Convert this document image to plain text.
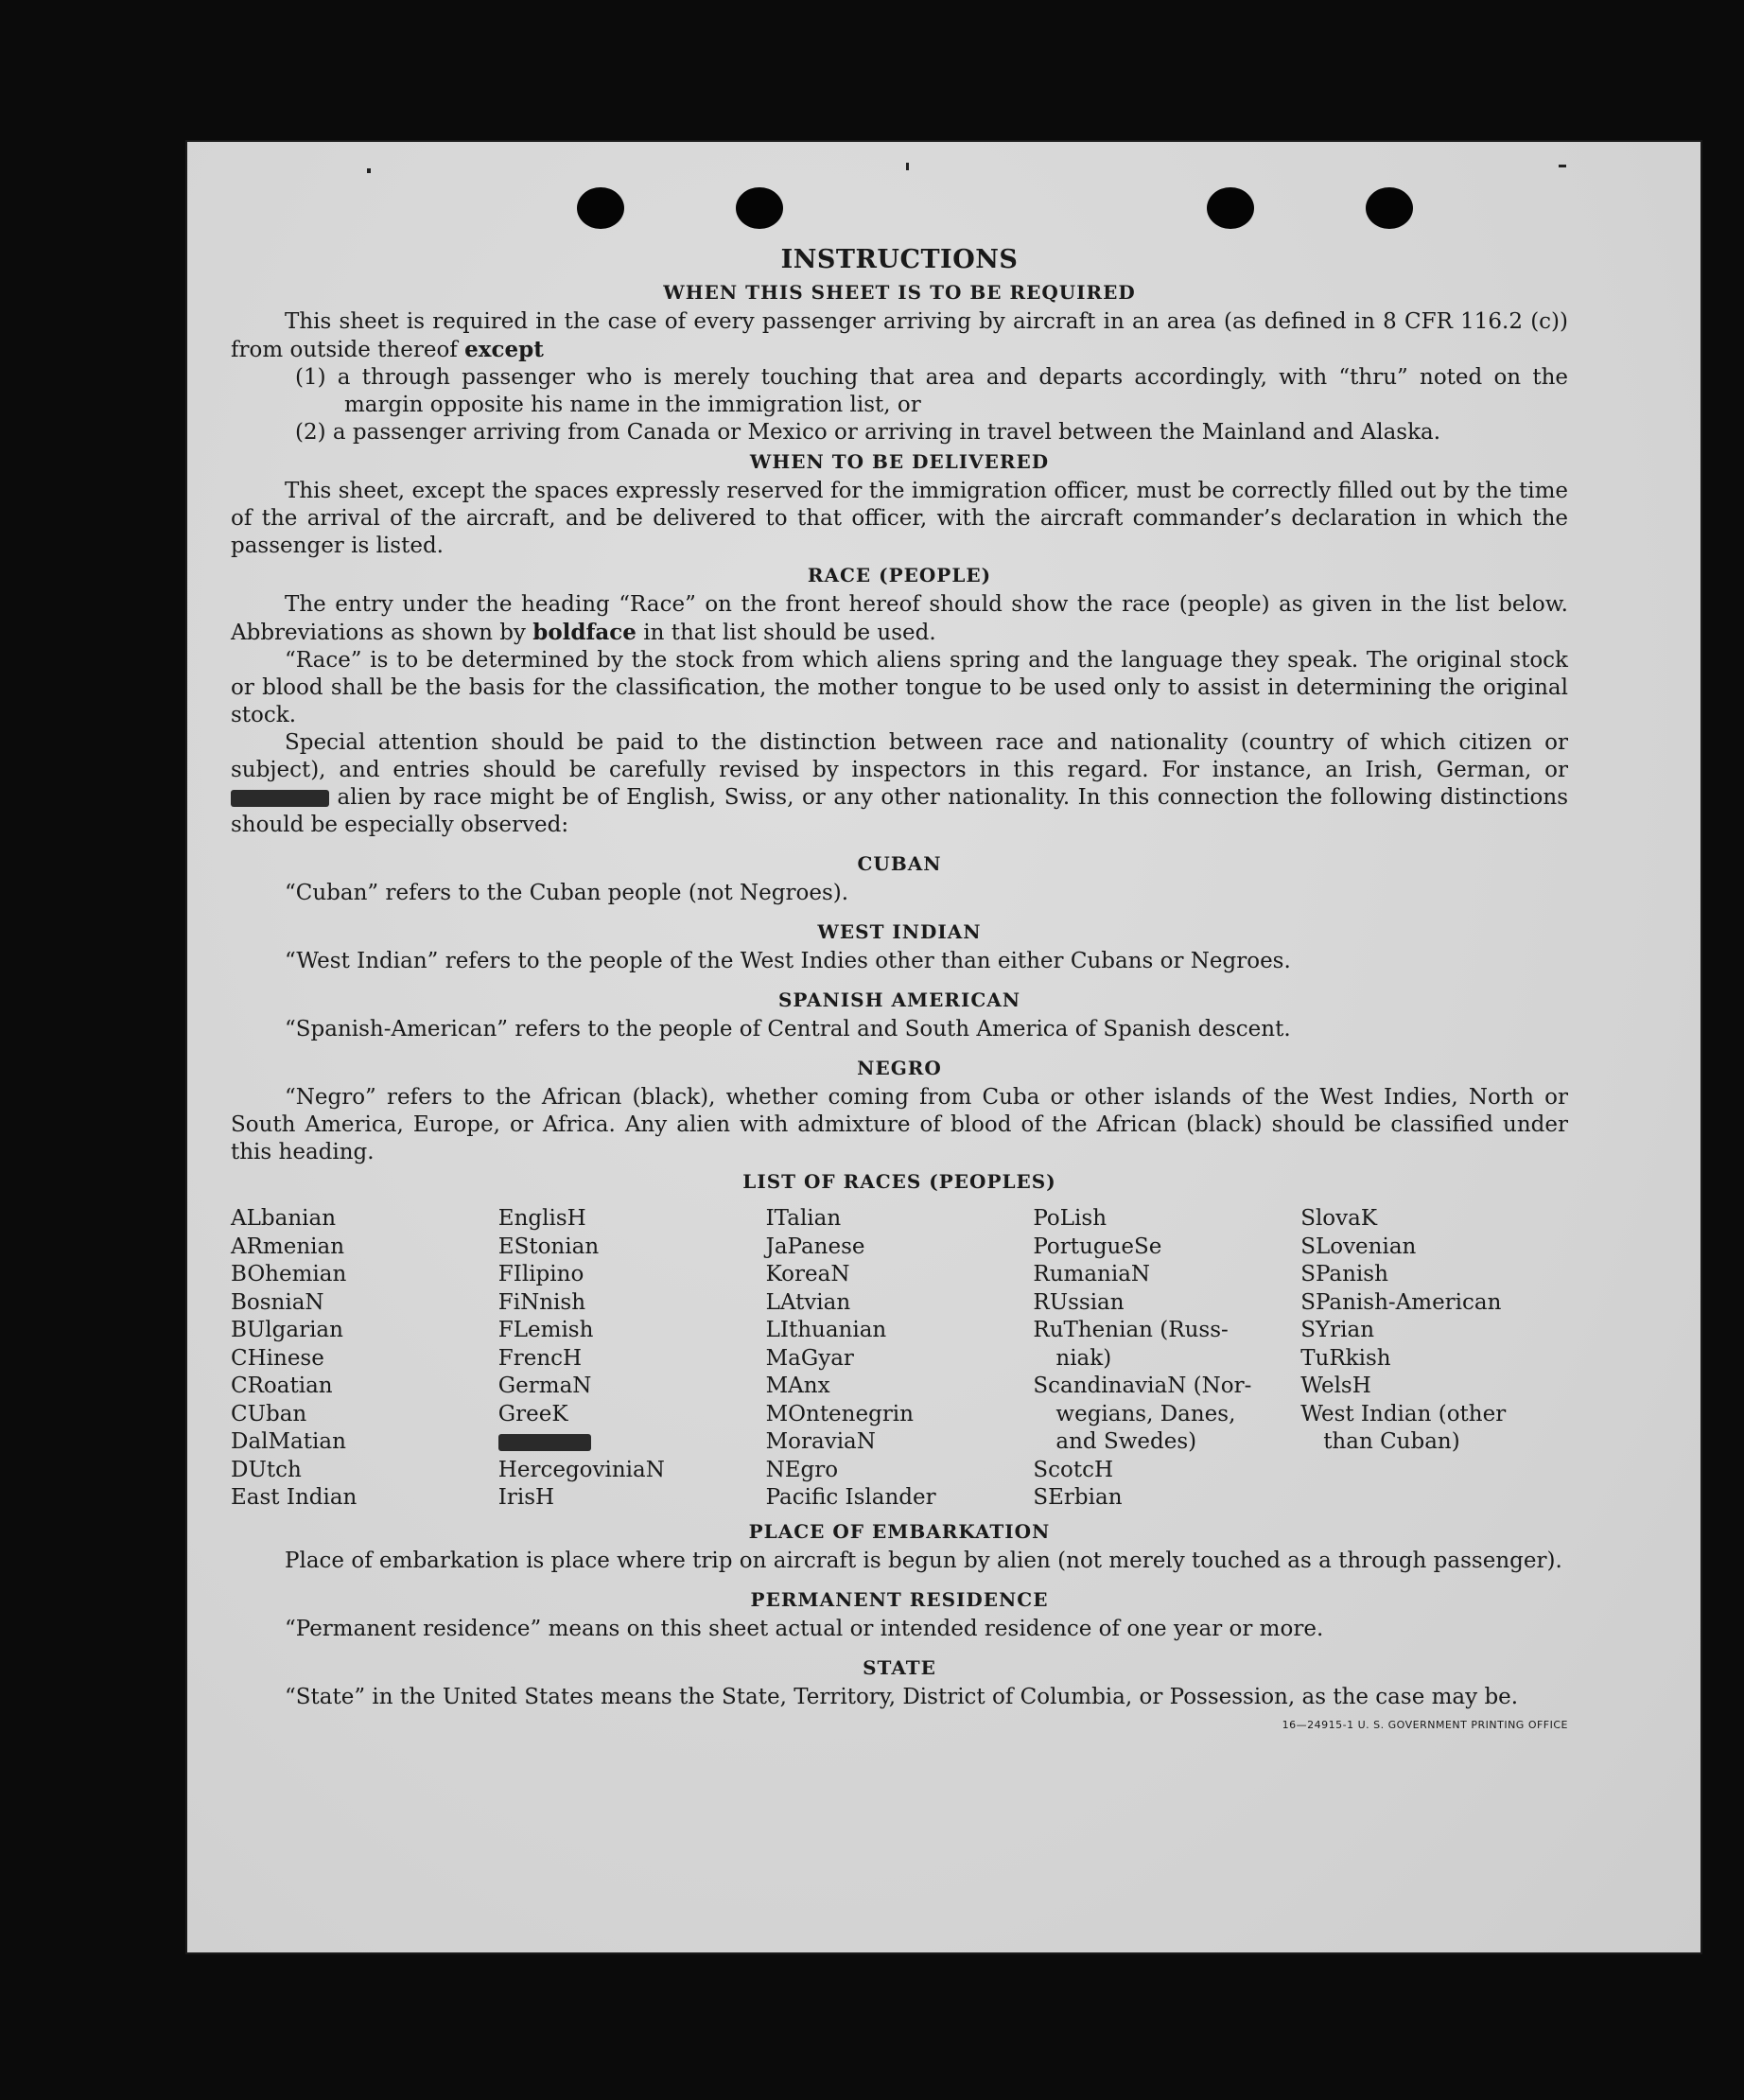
INSTRUCTIONS
WHEN THIS SHEET IS TO BE REQUIRED

This sheet is required in the case of every passenger arriving by aircraft in an area (as defined in 8 CFR 116.2 (c)) from outside thereof except

(1) a through passenger who is merely touching that area and departs accordingly, with “thru” noted on the margin opposite his name in the immigration list, or

(2) a passenger arriving from Canada or Mexico or arriving in travel between the Mainland and Alaska.

WHEN TO BE DELIVERED

This sheet, except the spaces expressly reserved for the immigration officer, must be correctly filled out by the time of the arrival of the aircraft, and be delivered to that officer, with the aircraft commander’s declaration in which the passenger is listed.

RACE (PEOPLE)

The entry under the heading “Race” on the front hereof should show the race (people) as given in the list below. Abbreviations as shown by boldface in that list should be used.

“Race” is to be determined by the stock from which aliens spring and the language they speak. The original stock or blood shall be the basis for the classification, the mother tongue to be used only to assist in determining the original stock.

Special attention should be paid to the distinction between race and nationality (country of which citizen or subject), and entries should be carefully revised by inspectors in this regard. For instance, an Irish, German, or  alien by race might be of English, Swiss, or any other nationality. In this connection the following distinctions should be especially observed:

CUBAN

“Cuban” refers to the Cuban people (not Negroes).

WEST INDIAN

“West Indian” refers to the people of the West Indies other than either Cubans or Negroes.

SPANISH AMERICAN

“Spanish-American” refers to the people of Central and South America of Spanish descent.

NEGRO

“Negro” refers to the African (black), whether coming from Cuba or other islands of the West Indies, North or South America, Europe, or Africa. Any alien with admixture of blood of the African (black) should be classified under this heading.

LIST OF RACES (PEOPLES)
ALbanian
ARmenian
BOhemian
BosniaN
BUlgarian
CHinese
CRoatian
CUban
DalMatian
DUtch
East Indian
EnglisH
EStonian
FIlipino
FiNnish
FLemish
FrencH
GermaN
GreeK
HercegoviniaN
IrisH
ITalian
JaPanese
KoreaN
LAtvian
LIthuanian
MaGyar
MAnx
MOntenegrin
MoraviaN
NEgro
Pacific Islander
PoLish
PortugueSe
RumaniaN
RUssian
RuThenian (Russ-
niak)
ScandinaviaN (Nor-
wegians, Danes,
and Swedes)
ScotcH
SErbian
SlovaK
SLovenian
SPanish
SPanish-American
SYrian
TuRkish
WelsH
West Indian (other
than Cuban)
PLACE OF EMBARKATION

Place of embarkation is place where trip on aircraft is begun by alien (not merely touched as a through passenger).

PERMANENT RESIDENCE

“Permanent residence” means on this sheet actual or intended residence of one year or more.

STATE

“State” in the United States means the State, Territory, District of Columbia, or Possession, as the case may be.

16—24915-1 U. S. GOVERNMENT PRINTING OFFICE
